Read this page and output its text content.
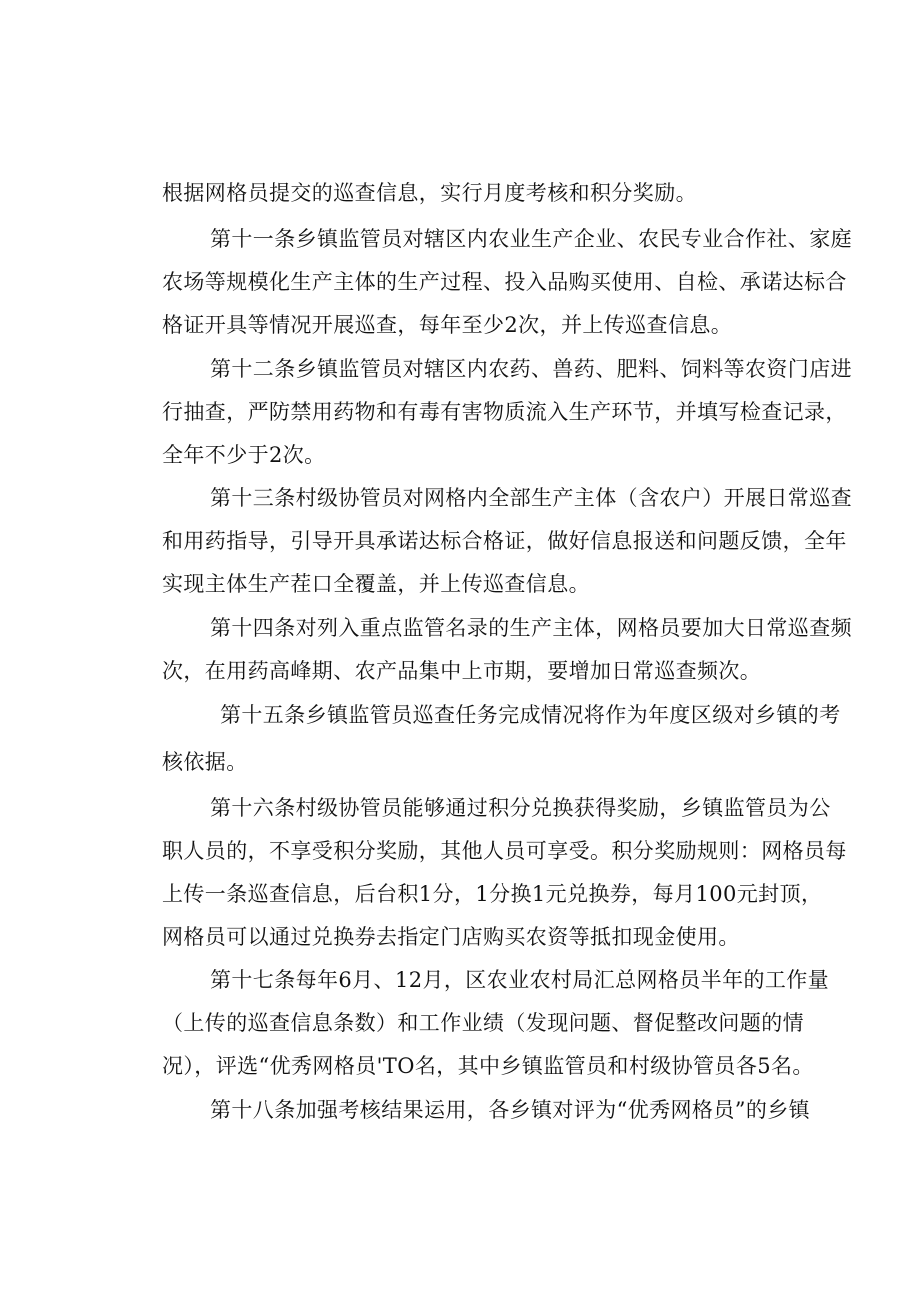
根据网格员提交的巡查信息，实行月度考核和积分奖励。
第十一条乡镇监管员对辖区内农业生产企业、农民专业合作社、家庭
农场等规模化生产主体的生产过程、投入品购买使用、自检、承诺达标合
格证开具等情况开展巡查，每年至少2次，并上传巡查信息。
第十二条乡镇监管员对辖区内农药、兽药、肥料、饲料等农资门店进
行抽查，严防禁用药物和有毒有害物质流入生产环节，并填写检查记录，
全年不少于2次。
第十三条村级协管员对网格内全部生产主体（含农户）开展日常巡查
和用药指导，引导开具承诺达标合格证，做好信息报送和问题反馈，全年
实现主体生产茬口全覆盖，并上传巡查信息。
第十四条对列入重点监管名录的生产主体，网格员要加大日常巡查频
次，在用药高峰期、农产品集中上市期，要增加日常巡查频次。
第十五条乡镇监管员巡查任务完成情况将作为年度区级对乡镇的考
核依据。
第十六条村级协管员能够通过积分兑换获得奖励，乡镇监管员为公
职人员的，不享受积分奖励，其他人员可享受。积分奖励规则：网格员每
上传一条巡查信息，后台积1分，1分换1元兑换券，每月100元封顶，
网格员可以通过兑换券去指定门店购买农资等抵扣现金使用。
第十七条每年6月、12月，区农业农村局汇总网格员半年的工作量
（上传的巡查信息条数）和工作业绩（发现问题、督促整改问题的情
况），评选“优秀网格员'TO名，其中乡镇监管员和村级协管员各5名。
第十八条加强考核结果运用，各乡镇对评为“优秀网格员”的乡镇
